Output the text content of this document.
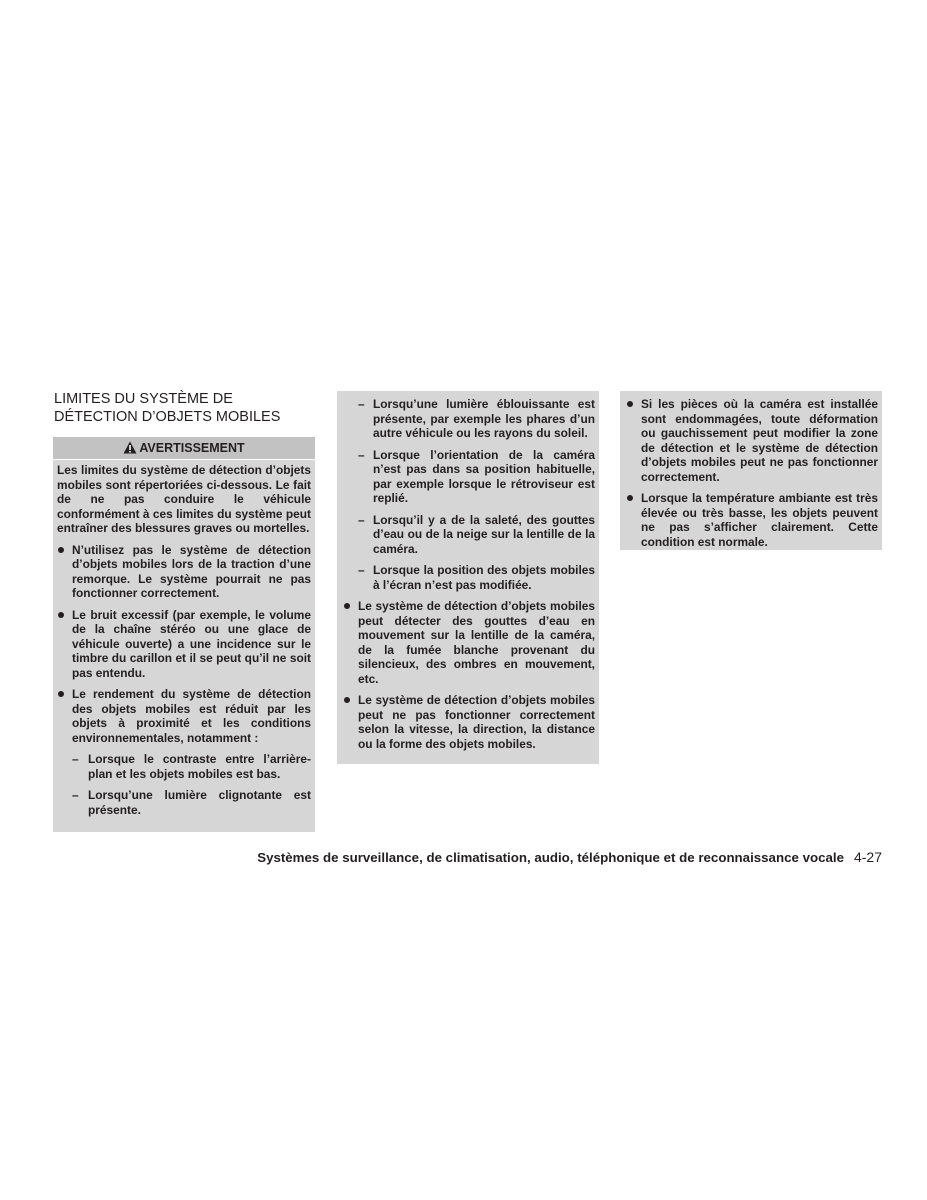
LIMITES DU SYSTÈME DE
DÉTECTION D’OBJETS MOBILES
AVERTISSEMENT

Les limites du système de détection d’objets mobiles sont répertoriées ci-dessous. Le fait de ne pas conduire le véhicule conformément à ces limites du système peut entraîner des blessures graves ou mortelles.

N’utilisez pas le système de détection d’objets mobiles lors de la traction d’une remorque. Le système pourrait ne pas fonctionner correctement.
Le bruit excessif (par exemple, le volume de la chaîne stéréo ou une glace de véhicule ouverte) a une incidence sur le timbre du carillon et il se peut qu’il ne soit pas entendu.
Le rendement du système de détection des objets mobiles est réduit par les objets à proximité et les conditions environnementales, notamment :
– Lorsque le contraste entre l’arrière-plan et les objets mobiles est bas.
– Lorsqu’une lumière clignotante est présente.
– Lorsqu’une lumière éblouissante est présente, par exemple les phares d’un autre véhicule ou les rayons du soleil.
– Lorsque l’orientation de la caméra n’est pas dans sa position habituelle, par exemple lorsque le rétroviseur est replié.
– Lorsqu’il y a de la saleté, des gouttes d’eau ou de la neige sur la lentille de la caméra.
– Lorsque la position des objets mobiles à l’écran n’est pas modifiée.
Le système de détection d’objets mobiles peut détecter des gouttes d’eau en mouvement sur la lentille de la caméra, de la fumée blanche provenant du silencieux, des ombres en mouvement, etc.
Le système de détection d’objets mobiles peut ne pas fonctionner correctement selon la vitesse, la direction, la distance ou la forme des objets mobiles.
Si les pièces où la caméra est installée sont endommagées, toute déformation ou gauchissement peut modifier la zone de détection et le système de détection d’objets mobiles peut ne pas fonctionner correctement.
Lorsque la température ambiante est très élevée ou très basse, les objets peuvent ne pas s’afficher clairement. Cette condition est normale.
Systèmes de surveillance, de climatisation, audio, téléphonique et de reconnaissance vocale 4-27
